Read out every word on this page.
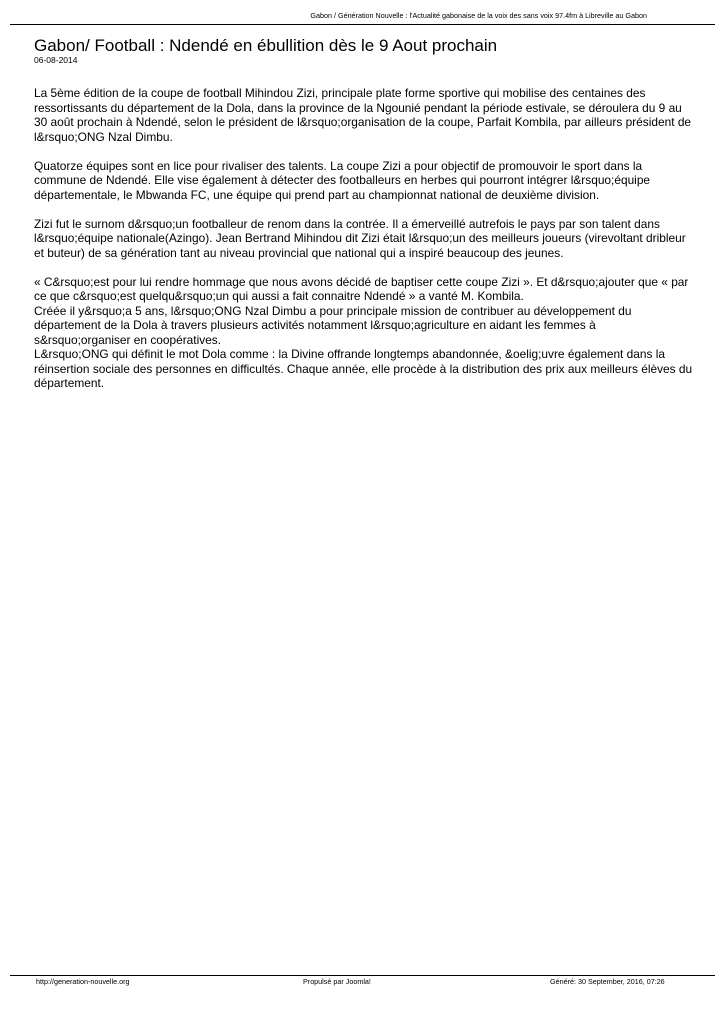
Gabon / Génération Nouvelle : l'Actualité gabonaise de la voix des sans voix 97.4fm à Libreville au Gabon
Gabon/ Football : Ndendé en ébullition dès le 9 Aout prochain
06-08-2014

La 5ème édition de la coupe de football Mihindou Zizi, principale plate forme sportive qui mobilise des centaines des ressortissants du département de la Dola, dans la province de la Ngounié pendant la période estivale, se déroulera du 9 au 30 août prochain à Ndendé, selon le président de l&rsquo;organisation de la coupe, Parfait Kombila, par ailleurs président de l&rsquo;ONG Nzal Dimbu.

Quatorze équipes sont en lice pour rivaliser des talents. La coupe Zizi a pour objectif de promouvoir le sport dans la commune de Ndendé. Elle vise également à détecter des footballeurs en herbes qui pourront intégrer l&rsquo;équipe départementale, le Mbwanda FC, une équipe qui prend part au championnat national de deuxième division.

Zizi fut le surnom d&rsquo;un footballeur de renom dans la contrée. Il a émerveillé autrefois le pays par son talent dans l&rsquo;équipe nationale(Azingo). Jean Bertrand Mihindou dit Zizi était l&rsquo;un des meilleurs joueurs (virevoltant dribleur et buteur) de sa génération tant au niveau provincial que national qui a inspiré beaucoup des jeunes.

« C&rsquo;est pour lui rendre hommage que nous avons décidé de baptiser cette coupe Zizi ». Et d&rsquo;ajouter que « par ce que c&rsquo;est quelqu&rsquo;un qui aussi a fait connaitre Ndendé » a vanté M. Kombila.

Créée il y&rsquo;a 5 ans, l&rsquo;ONG Nzal Dimbu a pour principale mission de contribuer au développement du département de la Dola à travers plusieurs activités notamment l&rsquo;agriculture en aidant les femmes à s&rsquo;organiser en coopératives.

L&rsquo;ONG qui définit le mot Dola comme : la Divine offrande longtemps abandonnée, &oelig;uvre également dans la réinsertion sociale des personnes en difficultés. Chaque année, elle procède à la distribution des prix aux meilleurs élèves du département.

http://generation-nouvelle.org	Propulsé par Joomla!	Généré: 30 September, 2016, 07:26
